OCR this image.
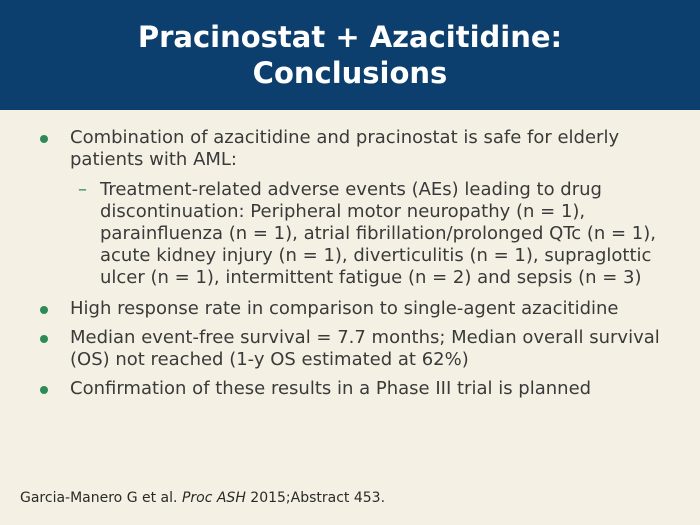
Pracinostat + Azacitidine:
Conclusions
Combination of azacitidine and pracinostat is safe for elderly patients with AML:
– Treatment-related adverse events (AEs) leading to drug discontinuation: Peripheral motor neuropathy (n = 1), parainfluenza (n = 1), atrial fibrillation/prolonged QTc (n = 1), acute kidney injury (n = 1), diverticulitis (n = 1), supraglottic ulcer (n = 1), intermittent fatigue (n = 2) and sepsis (n = 3)
High response rate in comparison to single-agent azacitidine
Median event-free survival = 7.7 months; Median overall survival (OS) not reached (1-y OS estimated at 62%)
Confirmation of these results in a Phase III trial is planned
Garcia-Manero G et al. Proc ASH 2015;Abstract 453.
